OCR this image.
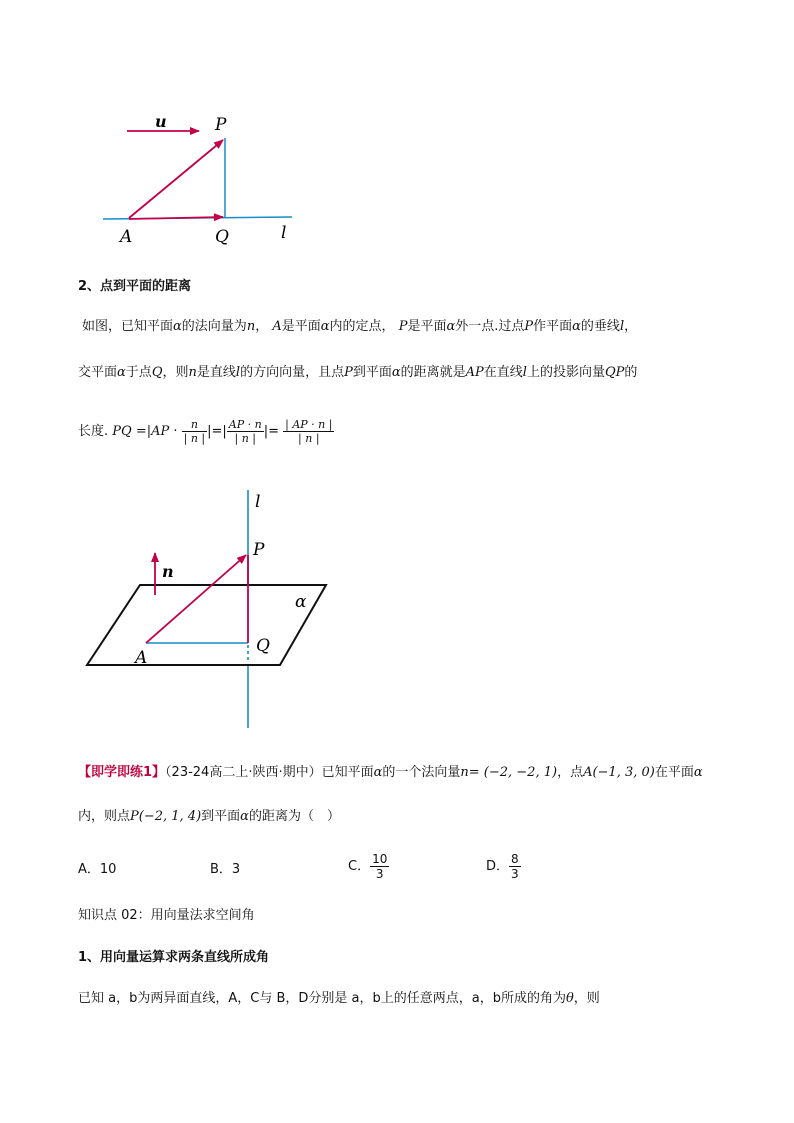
u	P
A	Q	l
2、点到平面的距离
如图，已知平面α的法向量为n， A是平面α内的定点， P是平面α外一点.过点P作平面α的垂线l，
交平面α于点Q，则n是直线l的方向向量，且点P到平面α的距离就是AP在直线l上的投影向量QP的
长度. PQ $=|AP \cdot \frac{n}{| n |}$ |=| $\frac{AP \cdot n}{| n |}$ |= $\frac{| AP \cdot n |}{| n |}$
l
P
n
α
A
Q
【即学即练1】（23-24高二上·陕西·期中）已知平面α的一个法向量n= (−2, −2, 1)，点A(−1, 3, 0)在平面α
内，则点P(−2, 1, 4)到平面α的距离为（　）
A．10	B．3	C． $\frac{10}{3}$	D． $\frac{8}{3}$
知识点 02：用向量法求空间角
1、用向量运算求两条直线所成角
已知 a，b为两异面直线，A，C与 B，D分别是 a，b上的任意两点，a，b所成的角为θ，则
